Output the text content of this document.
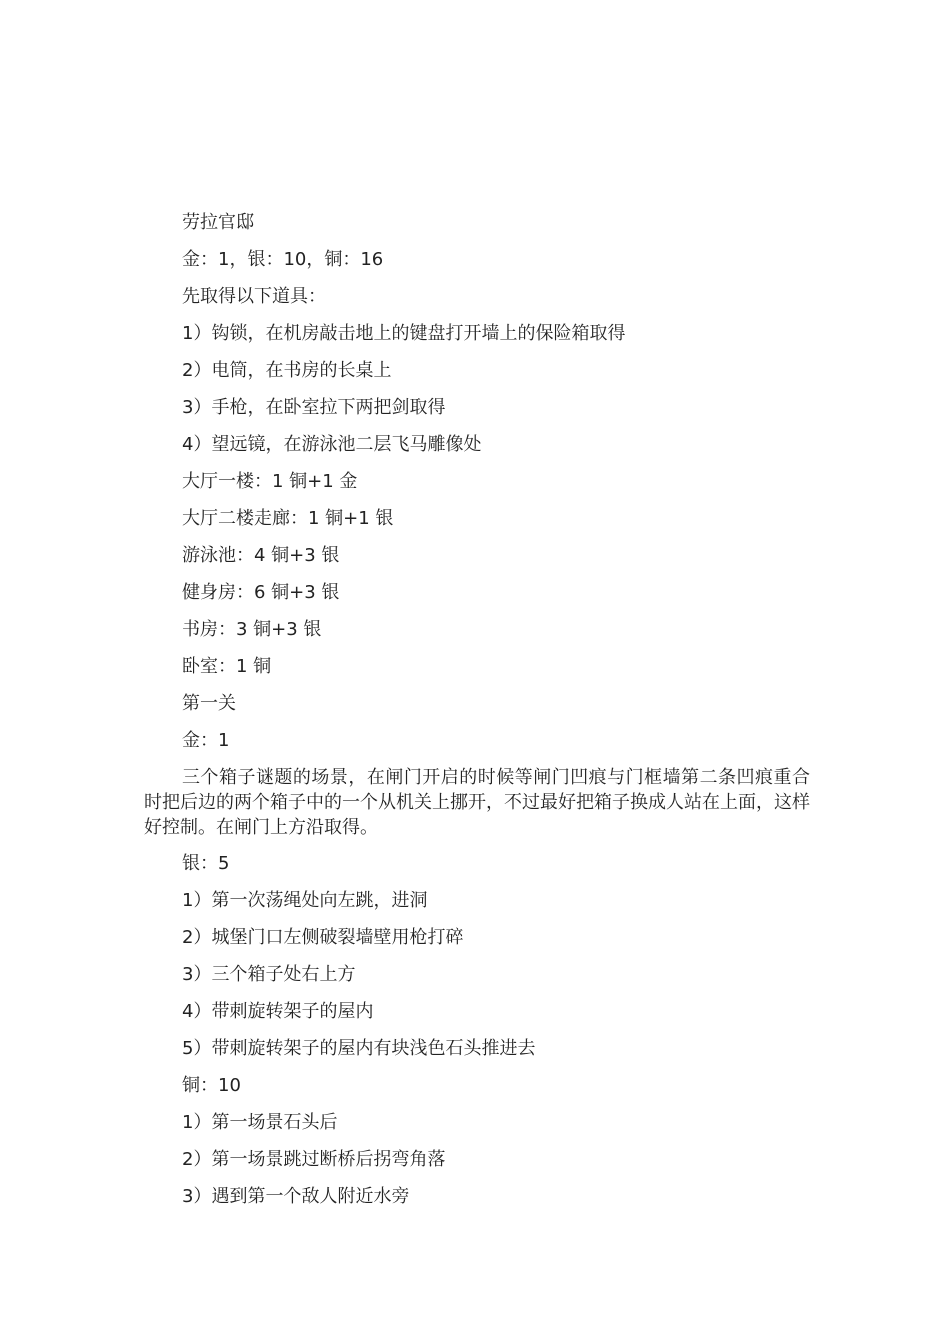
劳拉官邸

金：1，银：10，铜：16

先取得以下道具：

1）钩锁，在机房敲击地上的键盘打开墙上的保险箱取得

2）电筒，在书房的长桌上

3）手枪，在卧室拉下两把剑取得

4）望远镜，在游泳池二层飞马雕像处

大厅一楼：1 铜+1 金

大厅二楼走廊：1 铜+1 银

游泳池：4 铜+3 银

健身房：6 铜+3 银

书房：3 铜+3 银

卧室：1 铜

第一关

金：1

三个箱子谜题的场景，在闸门开启的时候等闸门凹痕与门框墙第二条凹痕重合时把后边的两个箱子中的一个从机关上挪开，不过最好把箱子换成人站在上面，这样好控制。在闸门上方沿取得。

银：5

1）第一次荡绳处向左跳，进洞

2）城堡门口左侧破裂墙壁用枪打碎

3）三个箱子处右上方

4）带刺旋转架子的屋内

5）带刺旋转架子的屋内有块浅色石头推进去

铜：10

1）第一场景石头后

2）第一场景跳过断桥后拐弯角落

3）遇到第一个敌人附近水旁
